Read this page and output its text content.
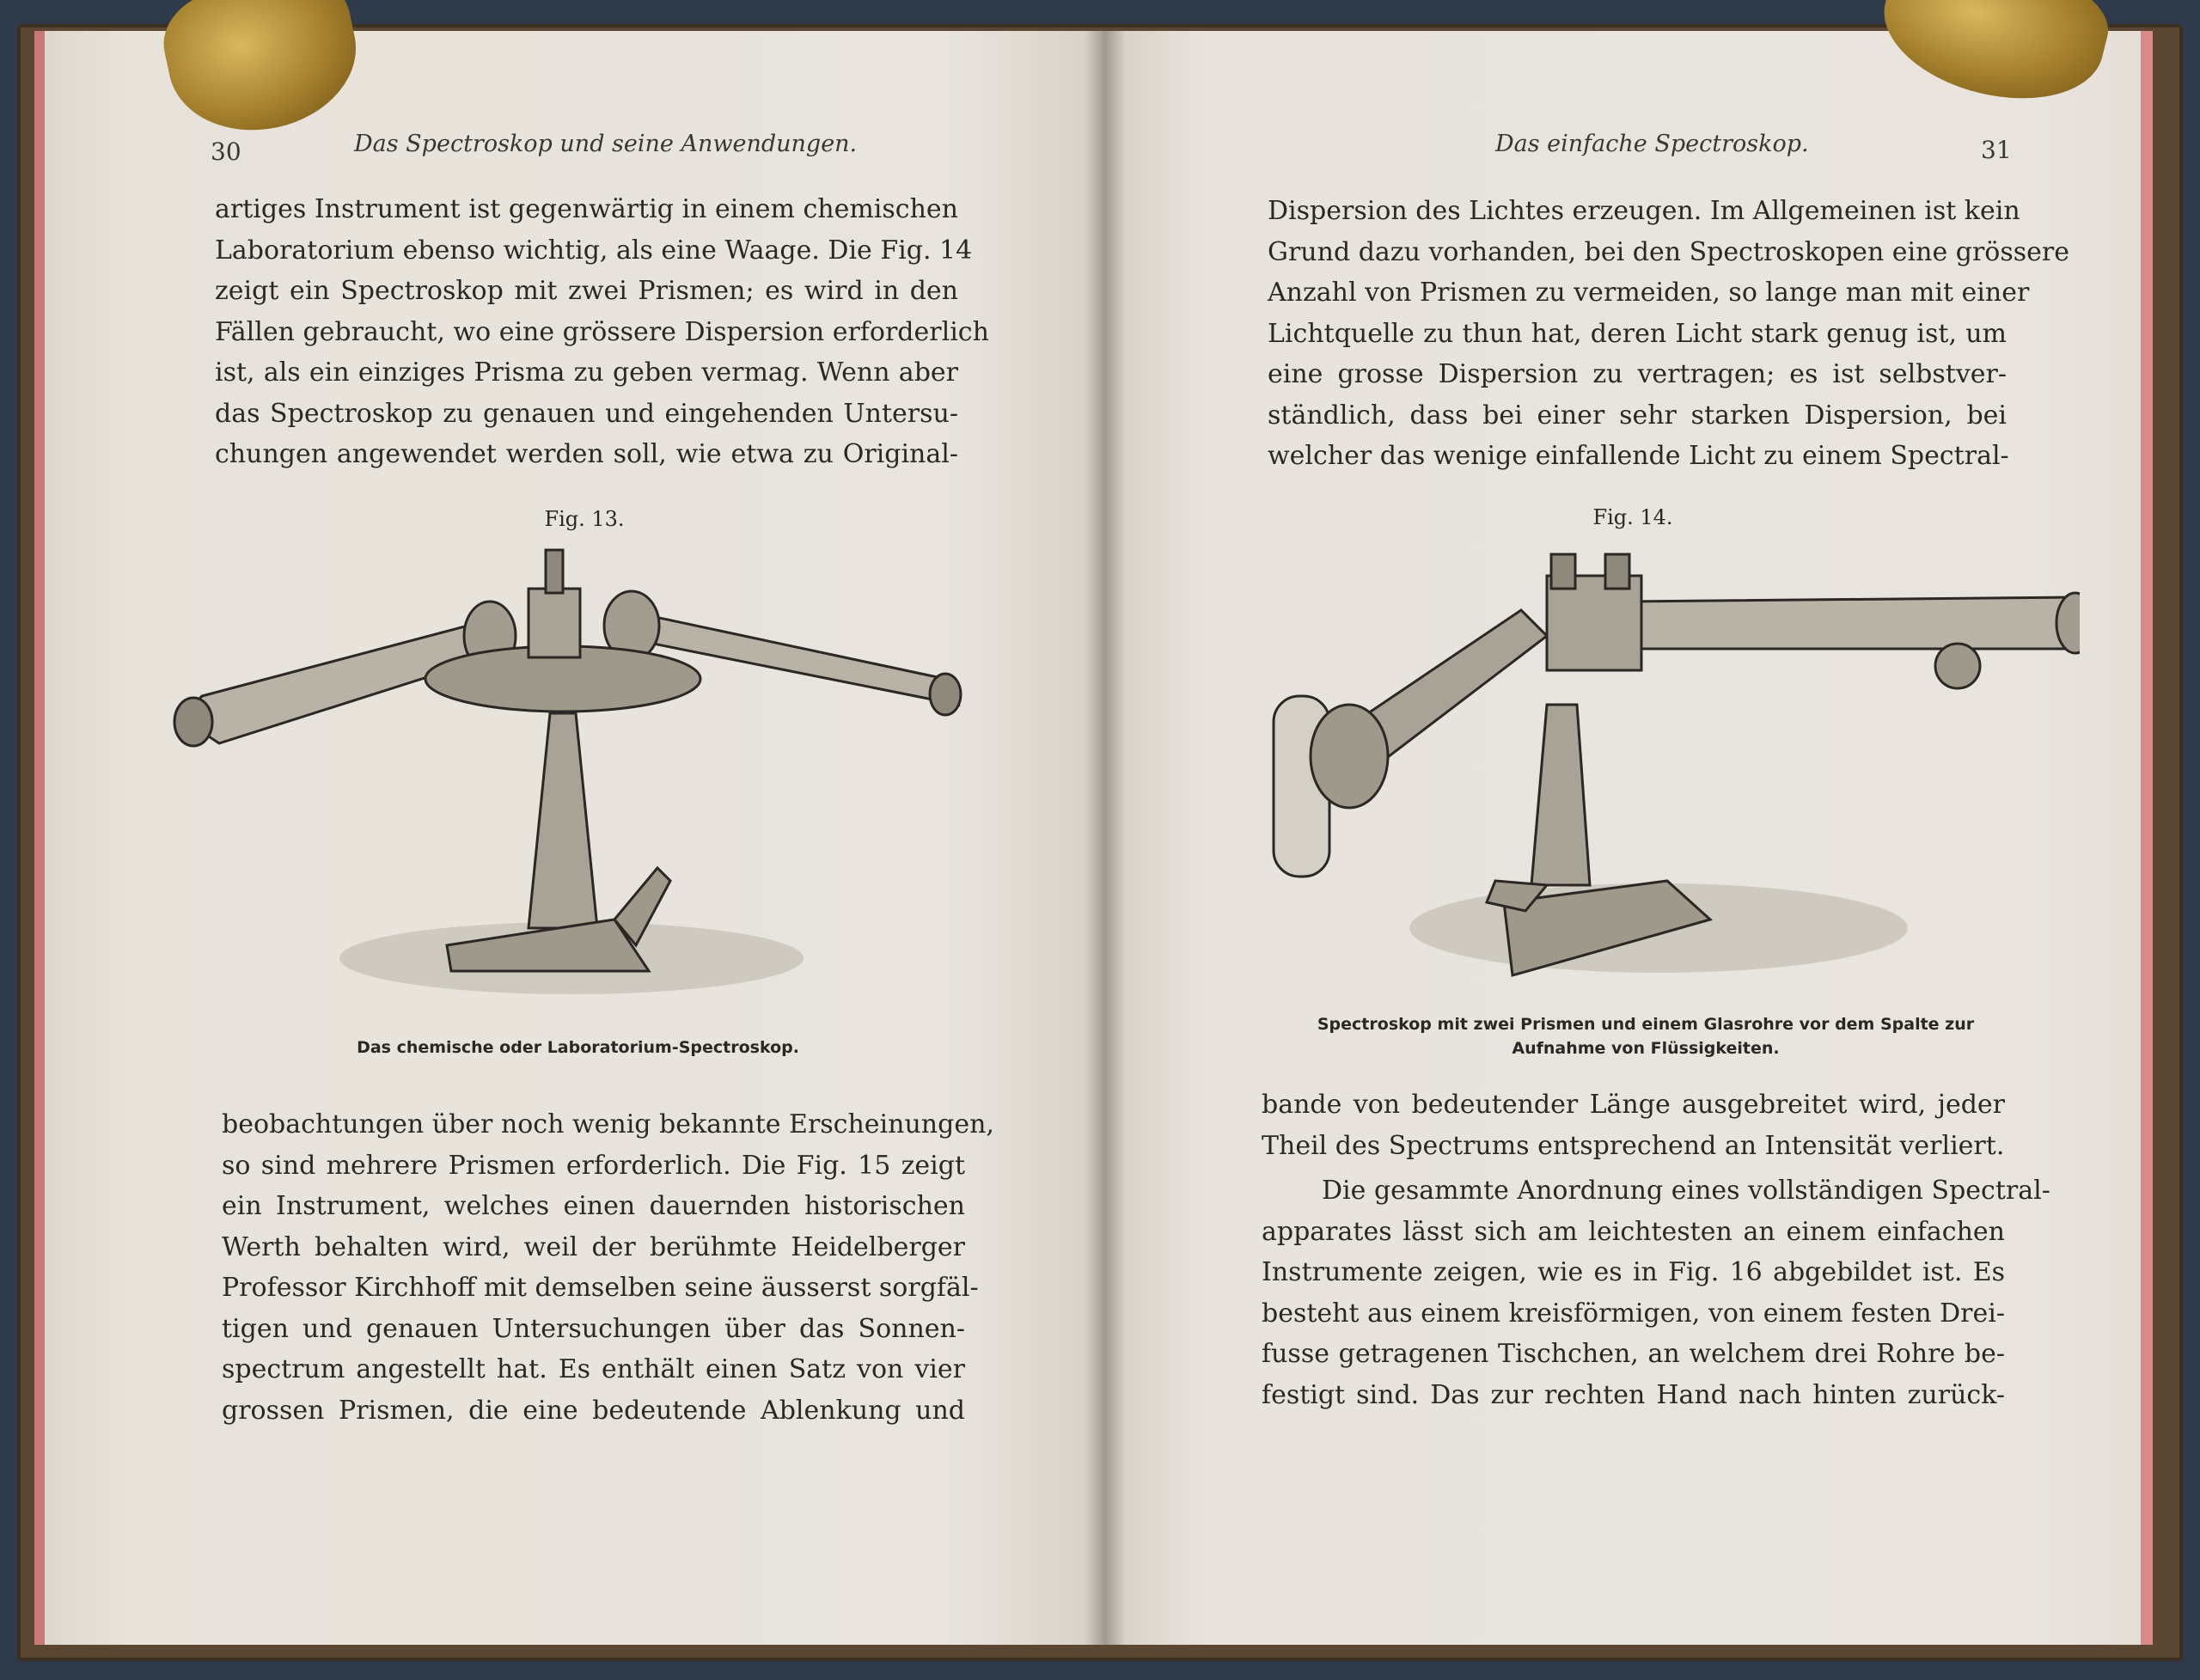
30	Das Spectroskop und seine Anwendungen.
artiges Instrument ist gegenwärtig in einem chemischen
Laboratorium ebenso wichtig, als eine Waage. Die Fig. 14
zeigt ein Spectroskop mit zwei Prismen; es wird in den
Fällen gebraucht, wo eine grössere Dispersion erforderlich
ist, als ein einziges Prisma zu geben vermag. Wenn aber
das Spectroskop zu genauen und eingehenden Untersu-
chungen angewendet werden soll, wie etwa zu Original-
Fig. 13.
Das chemische oder Laboratorium-Spectroskop.
beobachtungen über noch wenig bekannte Erscheinungen,
so sind mehrere Prismen erforderlich. Die Fig. 15 zeigt
ein Instrument, welches einen dauernden historischen
Werth behalten wird, weil der berühmte Heidelberger
Professor Kirchhoff mit demselben seine äusserst sorgfäl-
tigen und genauen Untersuchungen über das Sonnen-
spectrum angestellt hat. Es enthält einen Satz von vier
grossen Prismen, die eine bedeutende Ablenkung und
Das einfache Spectroskop.	31
Dispersion des Lichtes erzeugen. Im Allgemeinen ist kein
Grund dazu vorhanden, bei den Spectroskopen eine grössere
Anzahl von Prismen zu vermeiden, so lange man mit einer
Lichtquelle zu thun hat, deren Licht stark genug ist, um
eine grosse Dispersion zu vertragen; es ist selbstver-
ständlich, dass bei einer sehr starken Dispersion, bei
welcher das wenige einfallende Licht zu einem Spectral-
Fig. 14.
Spectroskop mit zwei Prismen und einem Glasrohre vor dem Spalte zur
Aufnahme von Flüssigkeiten.
bande von bedeutender Länge ausgebreitet wird, jeder
Theil des Spectrums entsprechend an Intensität verliert.
Die gesammte Anordnung eines vollständigen Spectral-
apparates lässt sich am leichtesten an einem einfachen
Instrumente zeigen, wie es in Fig. 16 abgebildet ist. Es
besteht aus einem kreisförmigen, von einem festen Drei-
fusse getragenen Tischchen, an welchem drei Rohre be-
festigt sind. Das zur rechten Hand nach hinten zurück-
